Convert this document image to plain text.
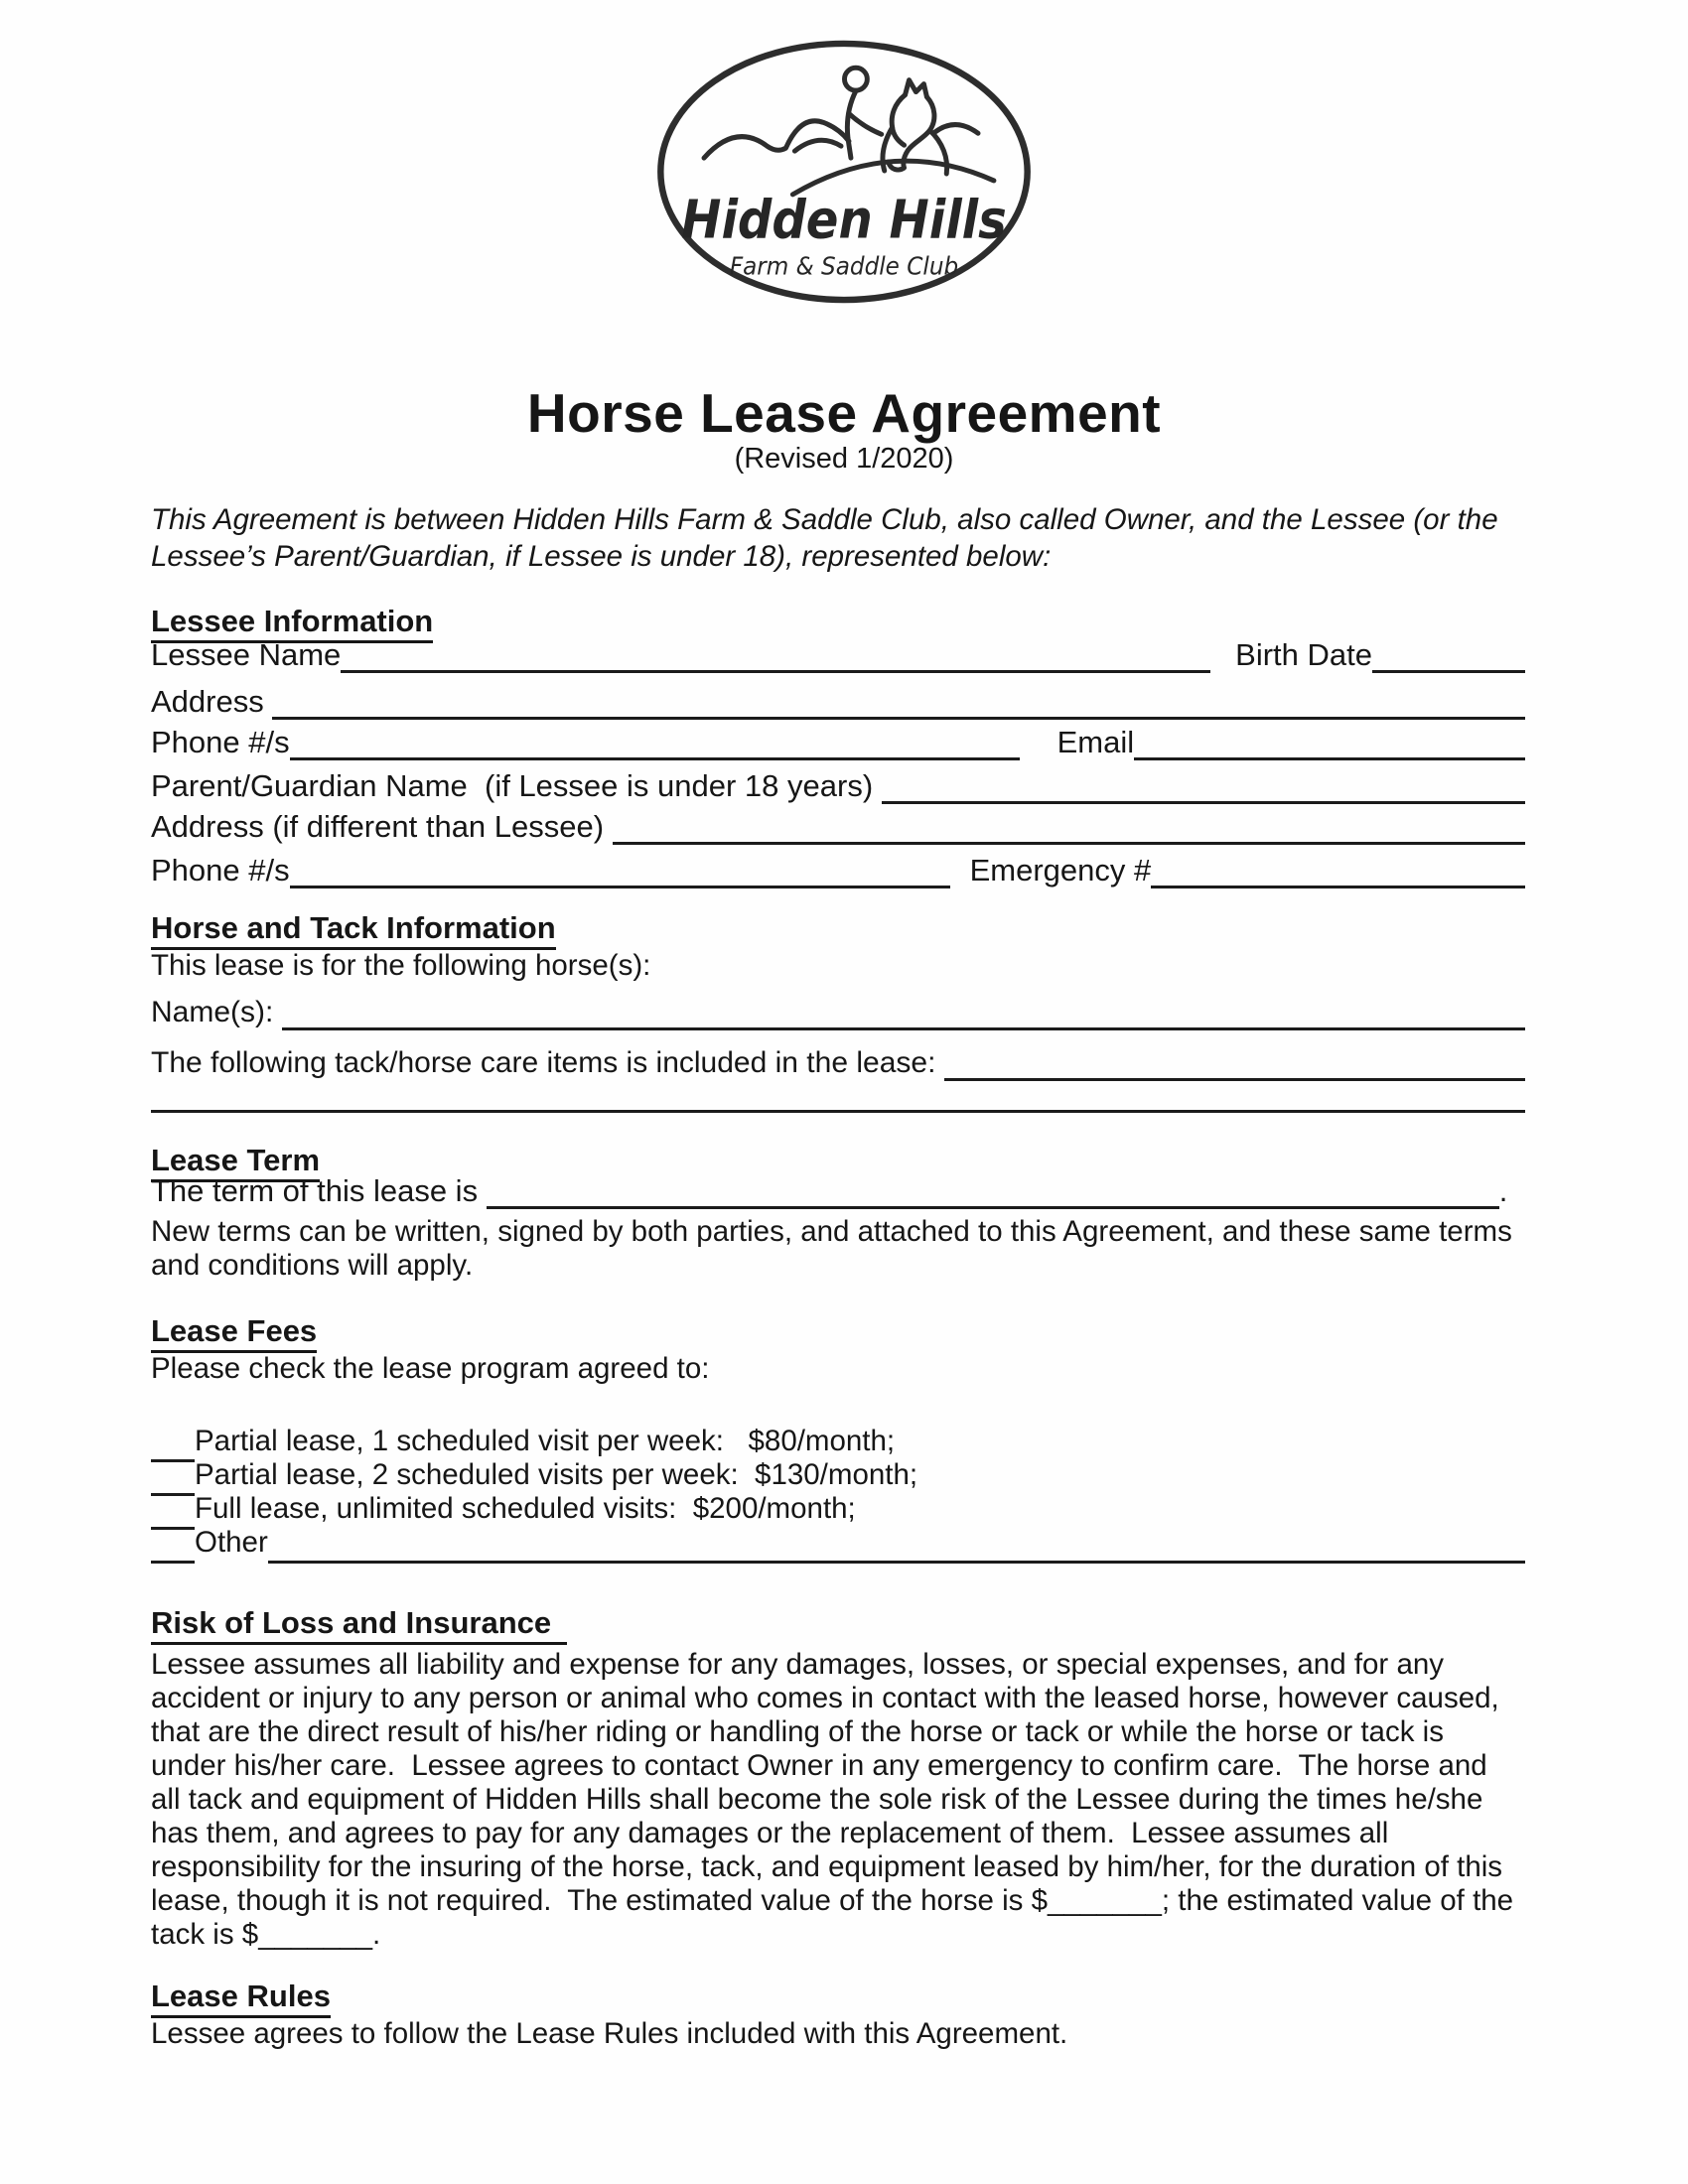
Hidden Hills
Farm & Saddle Club
Horse Lease Agreement
(Revised 1/2020)
This Agreement is between Hidden Hills Farm & Saddle Club, also called Owner, and the Lessee (or the
Lessee’s Parent/Guardian, if Lessee is under 18), represented below:
Lessee Information
Lessee Name	Birth Date
Address
Phone #/s	Email
Parent/Guardian Name  (if Lessee is under 18 years)
Address (if different than Lessee)
Phone #/s	Emergency #
Horse and Tack Information
This lease is for the following horse(s):
Name(s):
The following tack/horse care items is included in the lease:
Lease Term
The term of this lease is	.
New terms can be written, signed by both parties, and attached to this Agreement, and these same terms
and conditions will apply.
Lease Fees
Please check the lease program agreed to:
Partial lease, 1 scheduled visit per week:   $80/month;
Partial lease, 2 scheduled visits per week:  $130/month;
Full lease, unlimited scheduled visits:  $200/month;
Other
Risk of Loss and Insurance
Lessee assumes all liability and expense for any damages, losses, or special expenses, and for any
accident or injury to any person or animal who comes in contact with the leased horse, however caused,
that are the direct result of his/her riding or handling of the horse or tack or while the horse or tack is
under his/her care.  Lessee agrees to contact Owner in any emergency to confirm care.  The horse and
all tack and equipment of Hidden Hills shall become the sole risk of the Lessee during the times he/she
has them, and agrees to pay for any damages or the replacement of them.  Lessee assumes all
responsibility for the insuring of the horse, tack, and equipment leased by him/her, for the duration of this
lease, though it is not required.  The estimated value of the horse is $_______; the estimated value of the
tack is $_______.
Lease Rules
Lessee agrees to follow the Lease Rules included with this Agreement.
